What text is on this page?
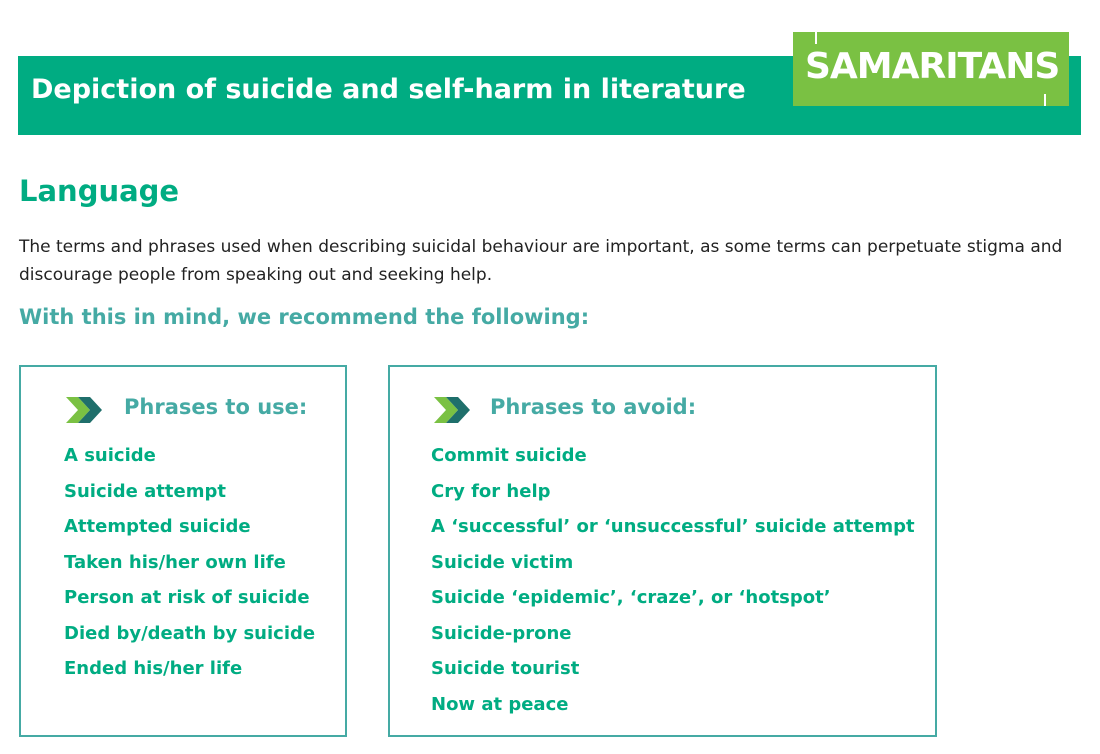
Depiction of suicide and self-harm in literature
SAMARITANS
Language

The terms and phrases used when describing suicidal behaviour are important, as some terms can perpetuate stigma and discourage people from speaking out and seeking help.

With this in mind, we recommend the following:
Phrases to use:
A suicide
Suicide attempt
Attempted suicide
Taken his/her own life
Person at risk of suicide
Died by/death by suicide
Ended his/her life
Phrases to avoid:
Commit suicide
Cry for help
A ‘successful’ or ‘unsuccessful’ suicide attempt
Suicide victim
Suicide ‘epidemic’, ‘craze’, or ‘hotspot’
Suicide-prone
Suicide tourist
Now at peace
